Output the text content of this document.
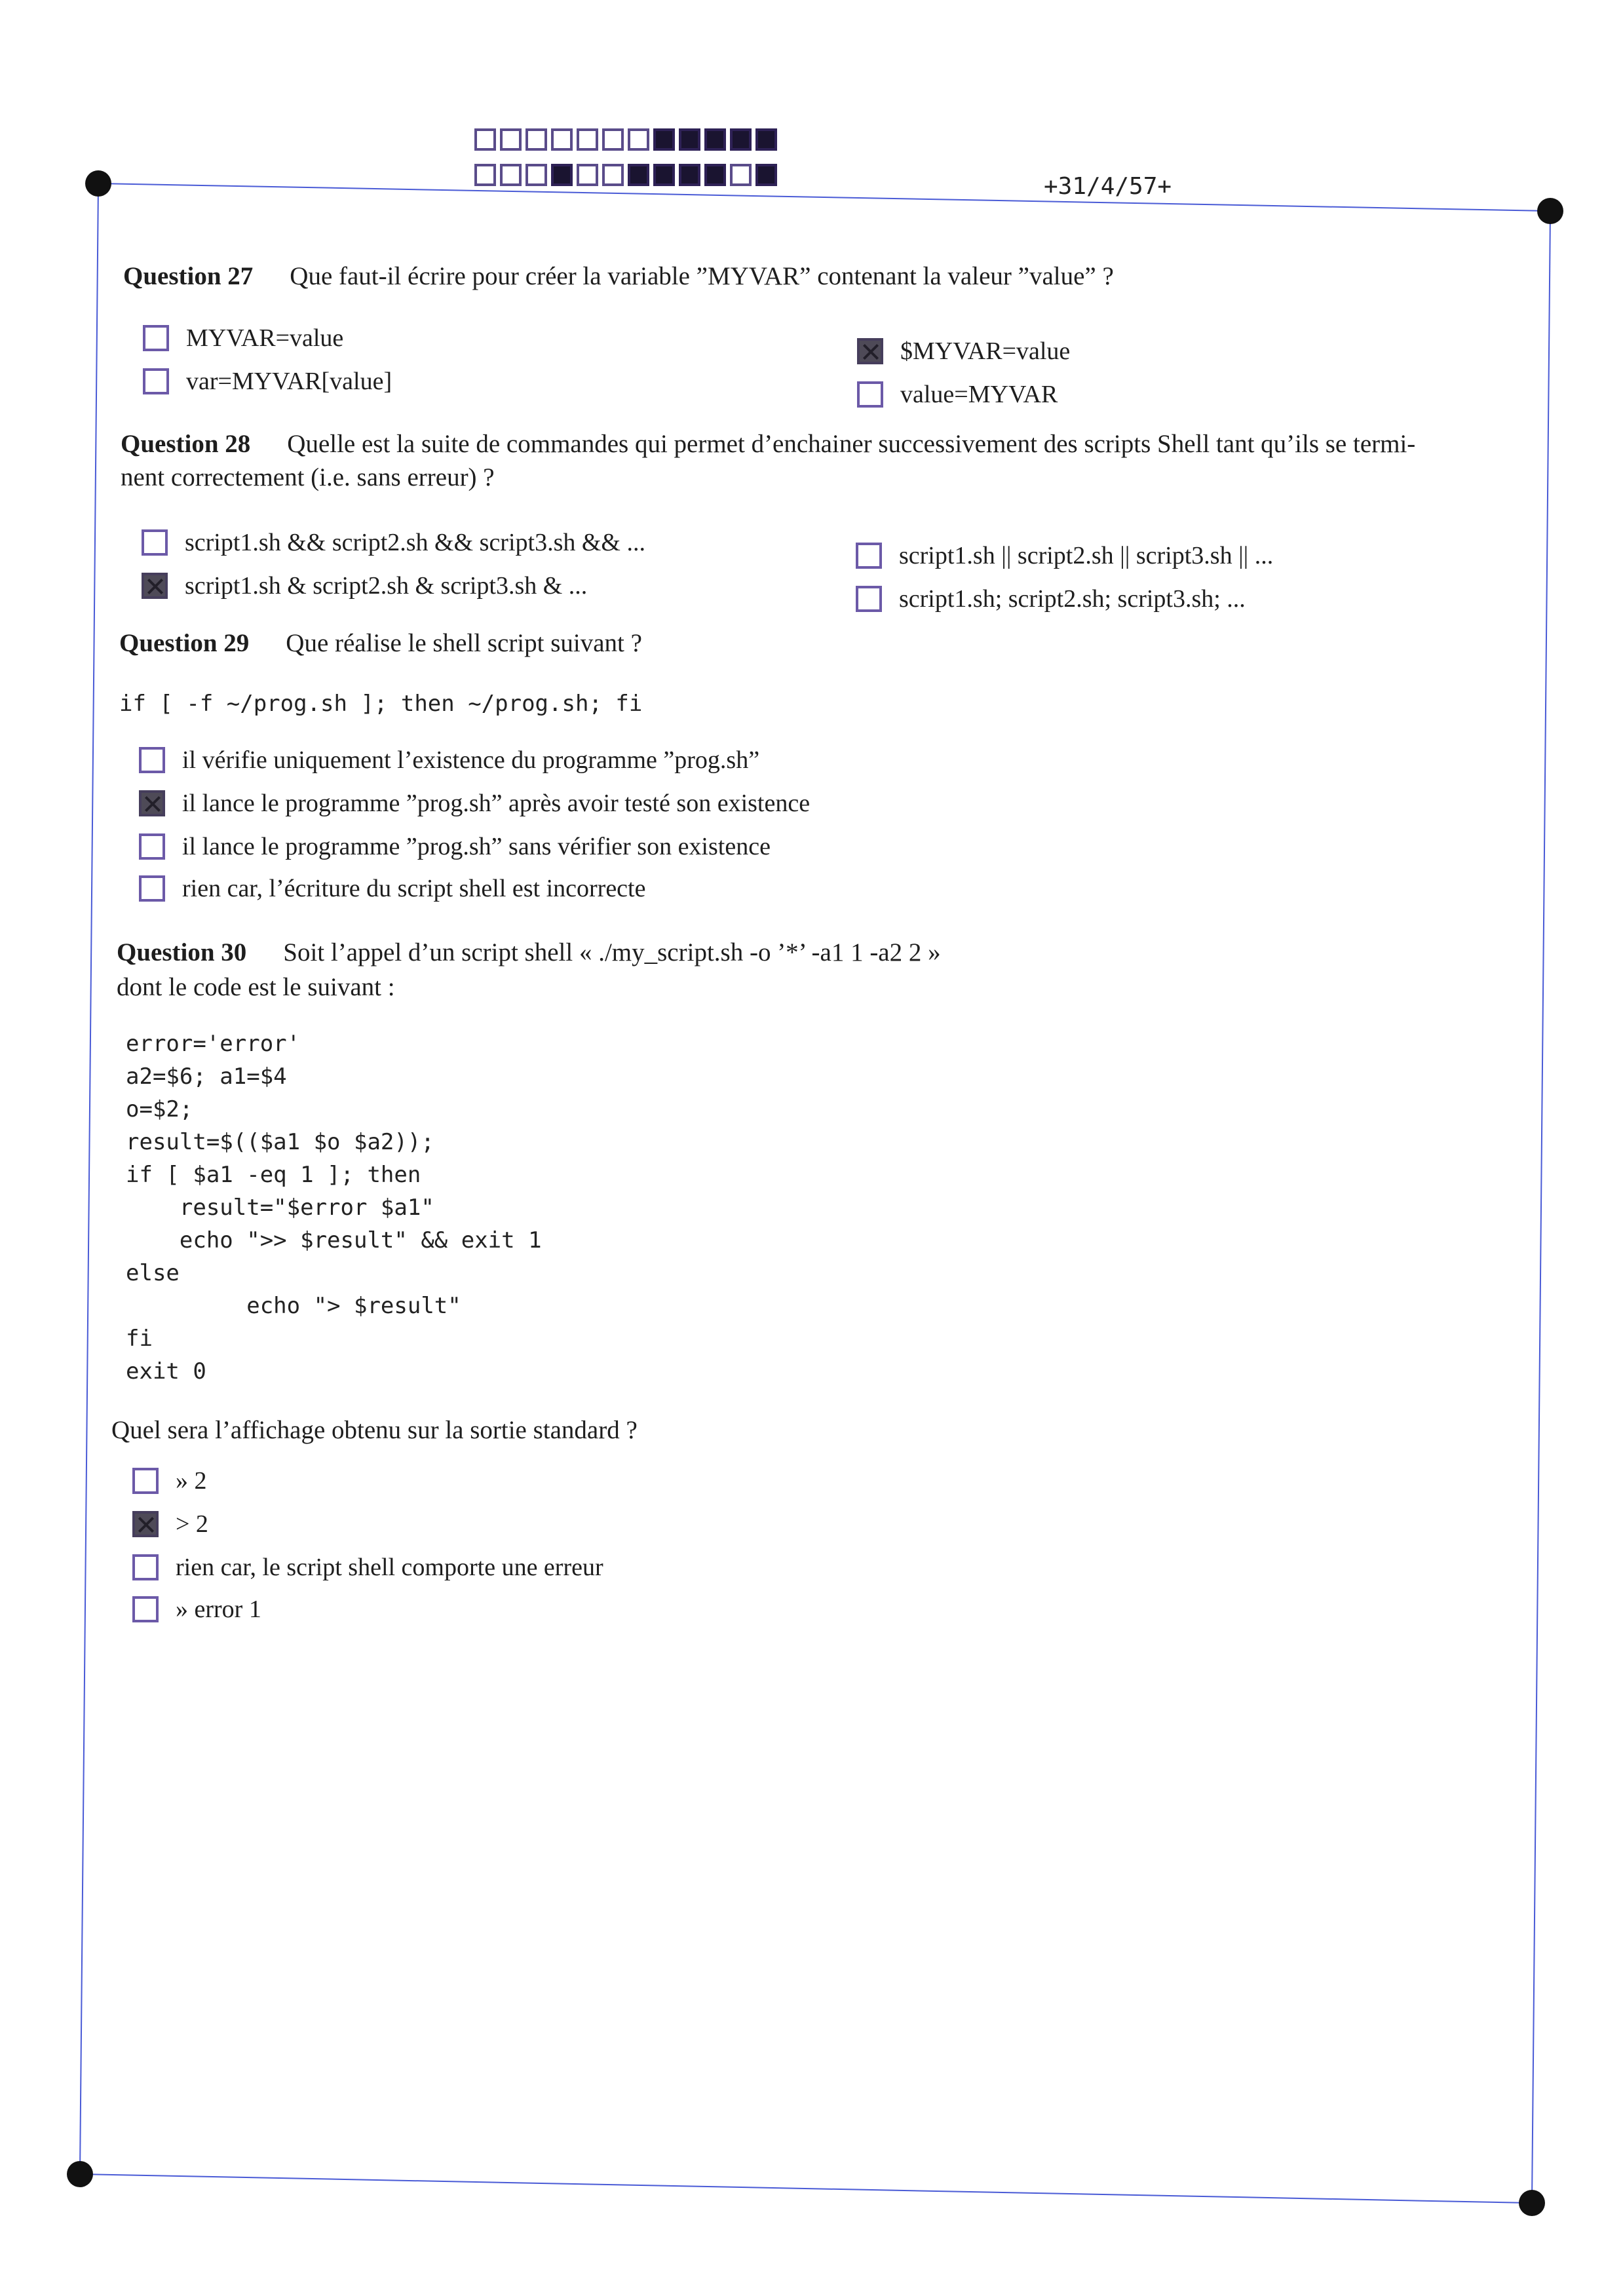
+31/4/57+
Question 27 Que faut-il écrire pour créer la variable ”MYVAR” contenant la valeur ”value” ?
MYVAR=value
var=MYVAR[value]
$MYVAR=value
value=MYVAR
Question 28 Quelle est la suite de commandes qui permet d’enchainer successivement des scripts Shell tant qu’ils se termi-
nent correctement (i.e. sans erreur) ?
script1.sh && script2.sh && script3.sh && ...
script1.sh & script2.sh & script3.sh & ...
script1.sh || script2.sh || script3.sh || ...
script1.sh; script2.sh; script3.sh; ...
Question 29 Que réalise le shell script suivant ?
if [ -f ~/prog.sh ]; then ~/prog.sh; fi
il vérifie uniquement l’existence du programme ”prog.sh”
il lance le programme ”prog.sh” après avoir testé son existence
il lance le programme ”prog.sh” sans vérifier son existence
rien car, l’écriture du script shell est incorrecte
Question 30 Soit l’appel d’un script shell « ./my_script.sh -o ’*’ -a1 1 -a2 2 »
dont le code est le suivant :
error='error'
a2=$6; a1=$4
o=$2;
result=$(($a1 $o $a2));
if [ $a1 -eq 1 ]; then
result="$error $a1"
echo ">> $result" && exit 1
else
echo "> $result"
fi
exit 0

Quel sera l’affichage obtenu sur la sortie standard ?
» 2
> 2
rien car, le script shell comporte une erreur
» error 1
